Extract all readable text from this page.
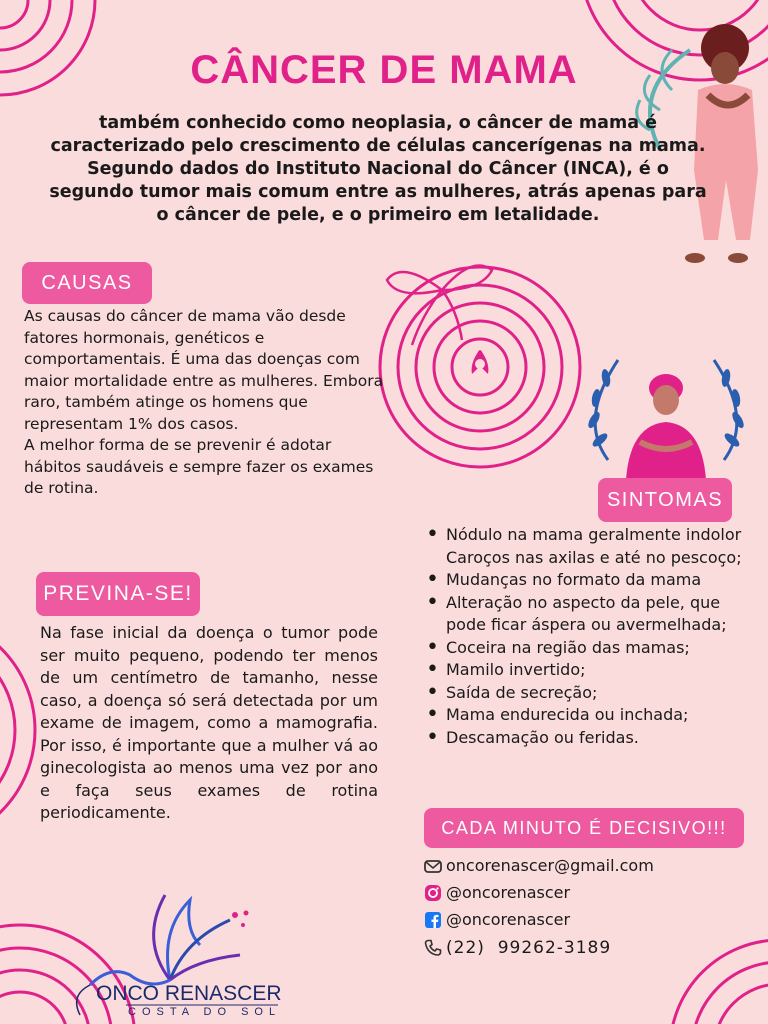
CÂNCER DE MAMA
também conhecido como neoplasia, o câncer de mama é caracterizado pelo crescimento de células cancerígenas na mama. Segundo dados do Instituto Nacional do Câncer (INCA), é o segundo tumor mais comum entre as mulheres, atrás apenas para o câncer de pele, e o primeiro em letalidade.
CAUSAS
As causas do câncer de mama vão desde fatores hormonais, genéticos e comportamentais. É uma das doenças com maior mortalidade entre as mulheres. Embora raro, também atinge os homens que representam 1% dos casos.
A melhor forma de se prevenir é adotar hábitos saudáveis e sempre fazer os exames de rotina.
PREVINA-SE!
Na fase inicial da doença o tumor pode ser muito pequeno, podendo ter menos de um centímetro de tamanho, nesse caso, a doença só será detectada por um exame de imagem, como a mamografia. Por isso, é importante que a mulher vá ao ginecologista ao menos uma vez por ano e faça seus exames de rotina periodicamente.
SINTOMAS
• Nódulo na mama geralmente indolor Caroços nas axilas e até no pescoço;
• Mudanças no formato da mama
• Alteração no aspecto da pele, que pode ficar áspera ou avermelhada;
• Coceira na região das mamas;
• Mamilo invertido;
• Saída de secreção;
• Mama endurecida ou inchada;
• Descamação ou feridas.
CADA MINUTO É DECISIVO!!!
oncorenascer@gmail.com
@oncorenascer
@oncorenascer
(22)  99262-3189
ONCO RENASCER
COSTA DO SOL
